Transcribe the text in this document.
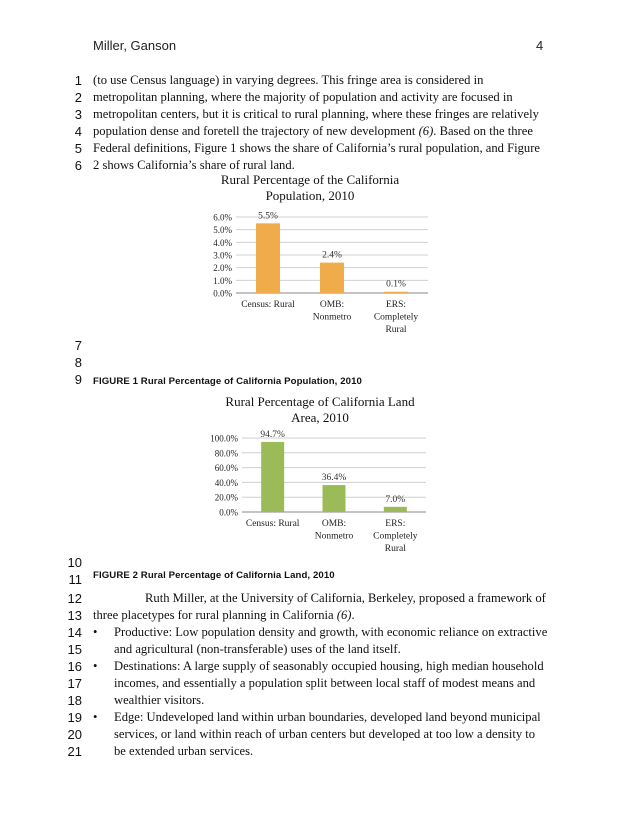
Miller, Ganson	4
1
2
3
4
5
6
7
8
9
10
11
12
13
14
15
16
17
18
19
20
21
(to use Census language) in varying degrees. This fringe area is considered in
metropolitan planning, where the majority of population and activity are focused in
metropolitan centers, but it is critical to rural planning, where these fringes are relatively
population dense and foretell the trajectory of new development (6). Based on the three
Federal definitions, Figure 1 shows the share of California’s rural population, and Figure
2 shows California’s share of rural land.
Rural Percentage of the California
Population, 2010
0.0%
1.0%
2.0%
3.0%
4.0%
5.0%
6.0%	5.5%
Census: Rural
2.4%
OMB:
Nonmetro
0.1%
ERS:
Completely
Rural
FIGURE 1 Rural Percentage of California Population, 2010
Rural Percentage of California Land
Area, 2010
0.0%
20.0%
40.0%
60.0%
80.0%
100.0% 94.7%
Census: Rural
36.4%
OMB:
Nonmetro
7.0%
ERS:
Completely
Rural
FIGURE 2 Rural Percentage of California Land, 2010
Ruth Miller, at the University of California, Berkeley, proposed a framework of
three placetypes for rural planning in California (6).
• Productive: Low population density and growth, with economic reliance on extractive
and agricultural (non-transferable) uses of the land itself.
• Destinations: A large supply of seasonably occupied housing, high median household
incomes, and essentially a population split between local staff of modest means and
wealthier visitors.
• Edge: Undeveloped land within urban boundaries, developed land beyond municipal
services, or land within reach of urban centers but developed at too low a density to
be extended urban services.
